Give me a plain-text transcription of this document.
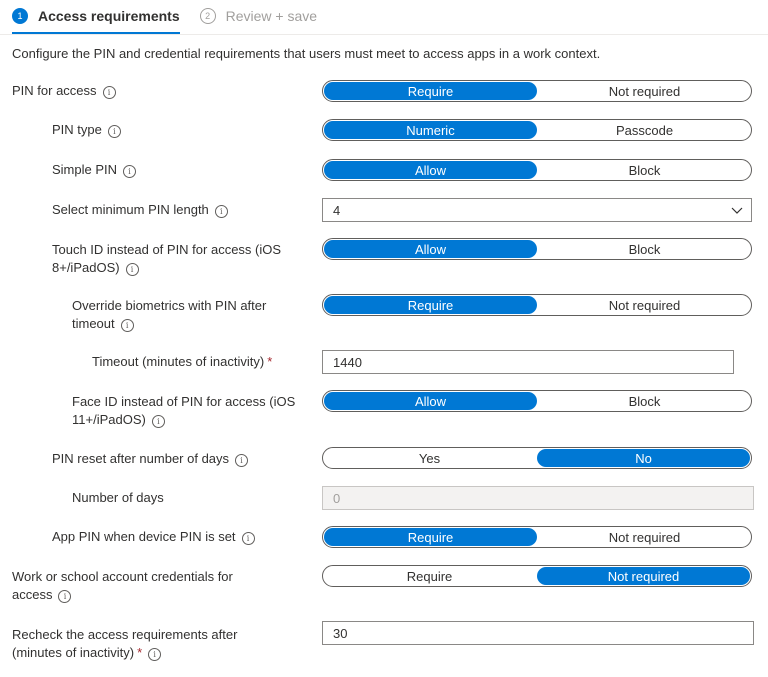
1	Access requirements	2	Review + save
Configure the PIN and credential requirements that users must meet to access apps in a work context.
PIN for access i	Require	Not required
PIN type i	Numeric	Passcode
Simple PIN i	Allow	Block
Select minimum PIN length i	4
Touch ID instead of PIN for access (iOS
8+/iPadOS) i
Allow	Block
Override biometrics with PIN after
timeout i
Require	Not required
Timeout (minutes of inactivity) *	1440
Face ID instead of PIN for access (iOS
11+/iPadOS) i
Allow	Block
PIN reset after number of days i	Yes	No
Number of days	0
App PIN when device PIN is set i	Require	Not required
Work or school account credentials for
access i
Require	Not required
Recheck the access requirements after
(minutes of inactivity) * i
30
